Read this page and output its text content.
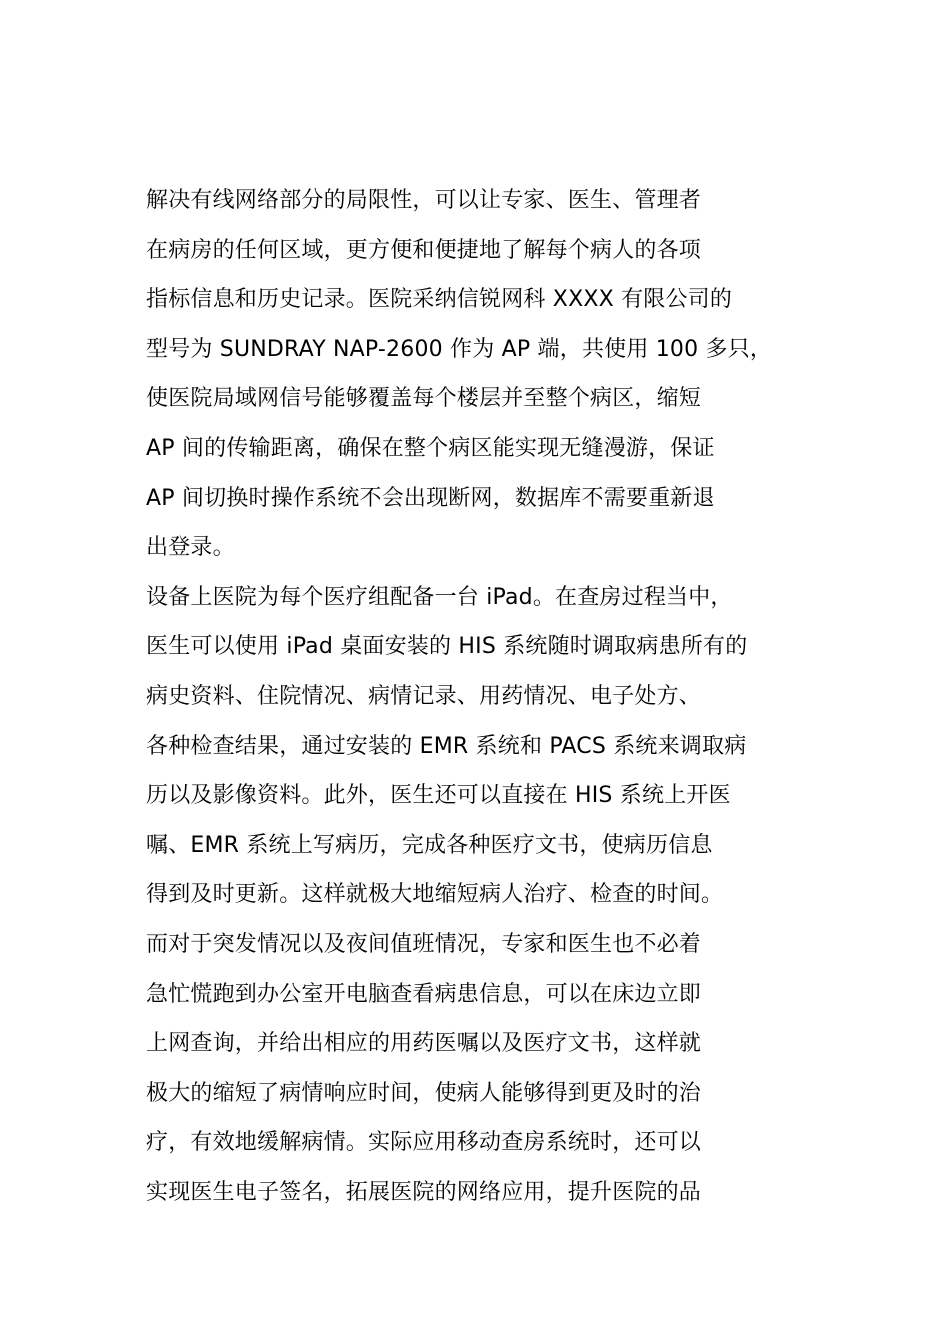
解决有线网络部分的局限性，可以让专家、医生、管理者
在病房的任何区域，更方便和便捷地了解每个病人的各项
指标信息和历史记录。医院采纳信锐网科 XXXX 有限公司的
型号为 SUNDRAY NAP-2600 作为 AP 端，共使用 100 多只，
使医院局域网信号能够覆盖每个楼层并至整个病区，缩短
AP 间的传输距离，确保在整个病区能实现无缝漫游，保证
AP 间切换时操作系统不会出现断网，数据库不需要重新退
出登录。
设备上医院为每个医疗组配备一台 iPad。在查房过程当中，
医生可以使用 iPad 桌面安装的 HIS 系统随时调取病患所有的
病史资料、住院情况、病情记录、用药情况、电子处方、
各种检查结果，通过安装的 EMR 系统和 PACS 系统来调取病
历以及影像资料。此外，医生还可以直接在 HIS 系统上开医
嘱、EMR 系统上写病历，完成各种医疗文书，使病历信息
得到及时更新。这样就极大地缩短病人治疗、检查的时间。
而对于突发情况以及夜间值班情况，专家和医生也不必着
急忙慌跑到办公室开电脑查看病患信息，可以在床边立即
上网查询，并给出相应的用药医嘱以及医疗文书，这样就
极大的缩短了病情响应时间，使病人能够得到更及时的治
疗，有效地缓解病情。实际应用移动查房系统时，还可以
实现医生电子签名，拓展医院的网络应用，提升医院的品
